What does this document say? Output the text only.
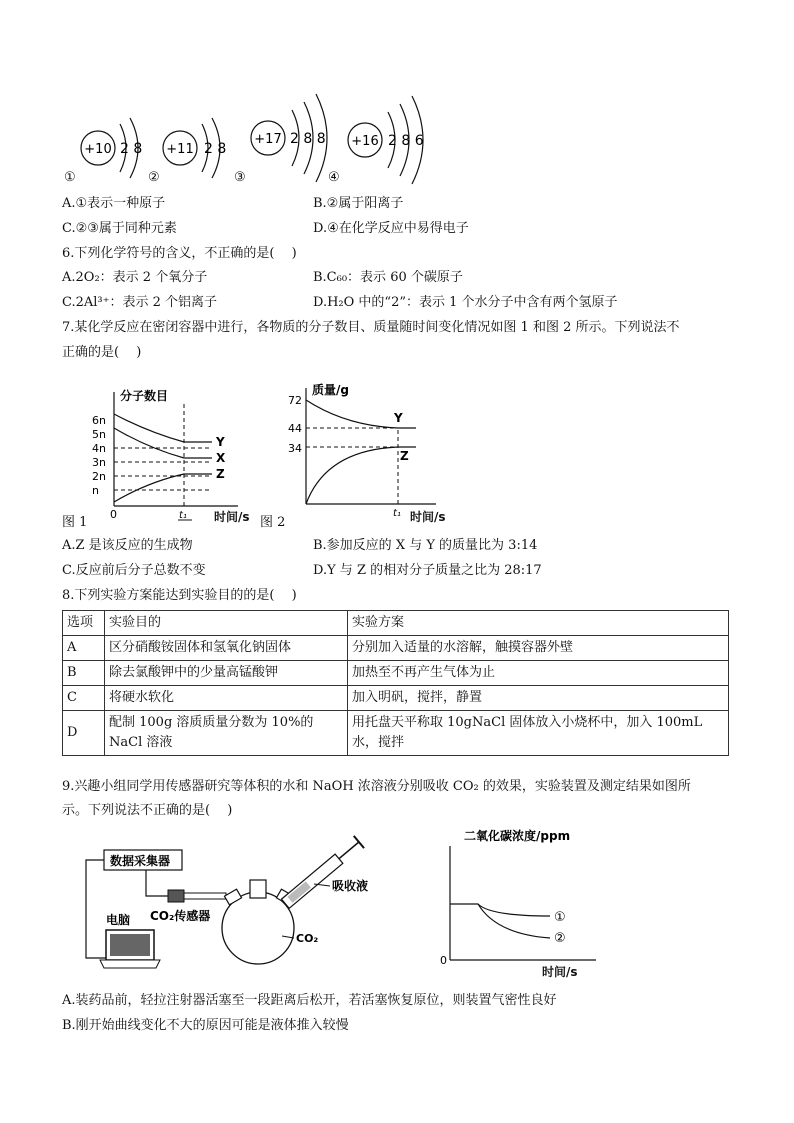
+10 2 8 +11 2 8
+17 2 8 8 +16 2 8 6
①	②	③	④
A.①表示一种原子	B.②属于阳离子
C.②③属于同种元素	D.④在化学反应中易得电子
6.下列化学符号的含义，不正确的是(　 )
A.2O₂：表示 2 个氧分子	B.C₆₀：表示 60 个碳原子
C.2Al³⁺：表示 2 个铝离子	D.H₂O 中的“2”：表示 1 个水分子中含有两个氢原子
7.某化学反应在密闭容器中进行，各物质的分子数目、质量随时间变化情况如图 1 和图 2 所示。下列说法不
正确的是(　 )
分子数目
n
2n
3n
4n
5n
6n
Y
X
Z
0	t₁
图 1	时间/s
质量/g
72
44
34
Y
Z
t₁
图 2	时间/s
A.Z 是该反应的生成物	B.参加反应的 X 与 Y 的质量比为 3:14
C.反应前后分子总数不变	D.Y 与 Z 的相对分子质量之比为 28:17
8.下列实验方案能达到实验目的的是(　 )
选项	实验目的	实验方案
A	区分硝酸铵固体和氢氧化钠固体	分别加入适量的水溶解，触摸容器外壁
B	除去氯酸钾中的少量高锰酸钾	加热至不再产生气体为止
C	将硬水软化	加入明矾，搅拌，静置
D	配制 100g 溶质质量分数为 10%的 NaCl 溶液	用托盘天平称取 10gNaCl 固体放入小烧杯中，加入 100mL 水，搅拌
9.兴趣小组同学用传感器研究等体积的水和 NaOH 浓溶液分别吸收 CO₂ 的效果，实验装置及测定结果如图所
示。下列说法不正确的是(　 )
数据采集器
CO₂传感器
CO₂
吸收液
电脑
二氧化碳浓度/ppm
0
①
②
时间/s
A.装药品前，轻拉注射器活塞至一段距离后松开，若活塞恢复原位，则装置气密性良好
B.刚开始曲线变化不大的原因可能是液体推入较慢
